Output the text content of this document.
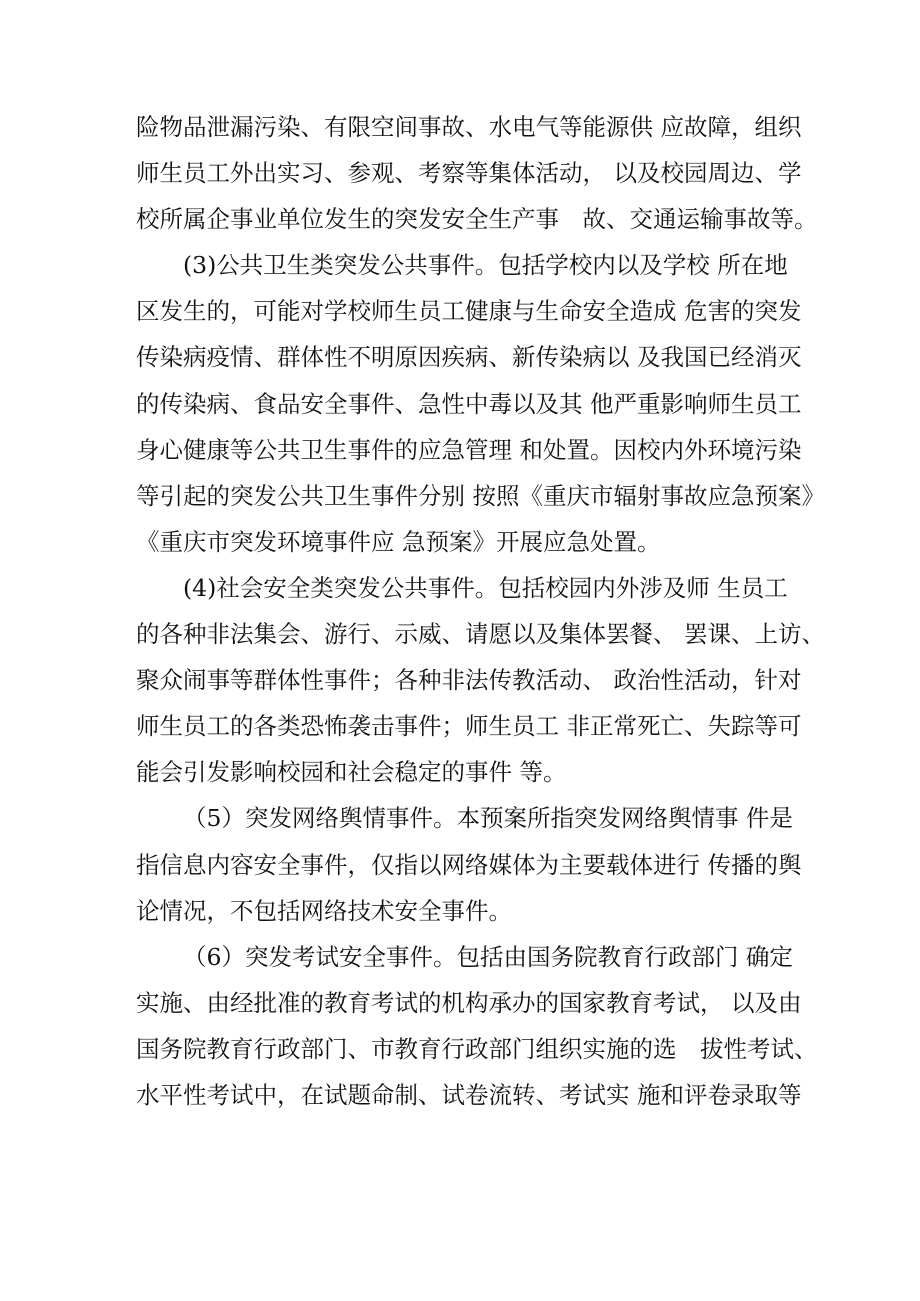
险物品泄漏污染、有限空间事故、水电气等能源供 应故障，组织
师生员工外出实习、参观、考察等集体活动， 以及校园周边、学
校所属企事业单位发生的突发安全生产事　故、交通运输事故等。
(3)公共卫生类突发公共事件。包括学校内以及学校 所在地
区发生的，可能对学校师生员工健康与生命安全造成 危害的突发
传染病疫情、群体性不明原因疾病、新传染病以 及我国已经消灭
的传染病、食品安全事件、急性中毒以及其 他严重影响师生员工
身心健康等公共卫生事件的应急管理 和处置。因校内外环境污染
等引起的突发公共卫生事件分别 按照《重庆市辐射事故应急预案》
《重庆市突发环境事件应 急预案》开展应急处置。
(4)社会安全类突发公共事件。包括校园内外涉及师 生员工
的各种非法集会、游行、示威、请愿以及集体罢餐、 罢课、上访、
聚众闹事等群体性事件；各种非法传教活动、 政治性活动，针对
师生员工的各类恐怖袭击事件；师生员工 非正常死亡、失踪等可
能会引发影响校园和社会稳定的事件 等。
（5）突发网络舆情事件。本预案所指突发网络舆情事 件是
指信息内容安全事件，仅指以网络媒体为主要载体进行 传播的舆
论情况，不包括网络技术安全事件。
（6）突发考试安全事件。包括由国务院教育行政部门 确定
实施、由经批准的教育考试的机构承办的国家教育考试， 以及由
国务院教育行政部门、市教育行政部门组织实施的选　拔性考试、
水平性考试中，在试题命制、试卷流转、考试实 施和评卷录取等
